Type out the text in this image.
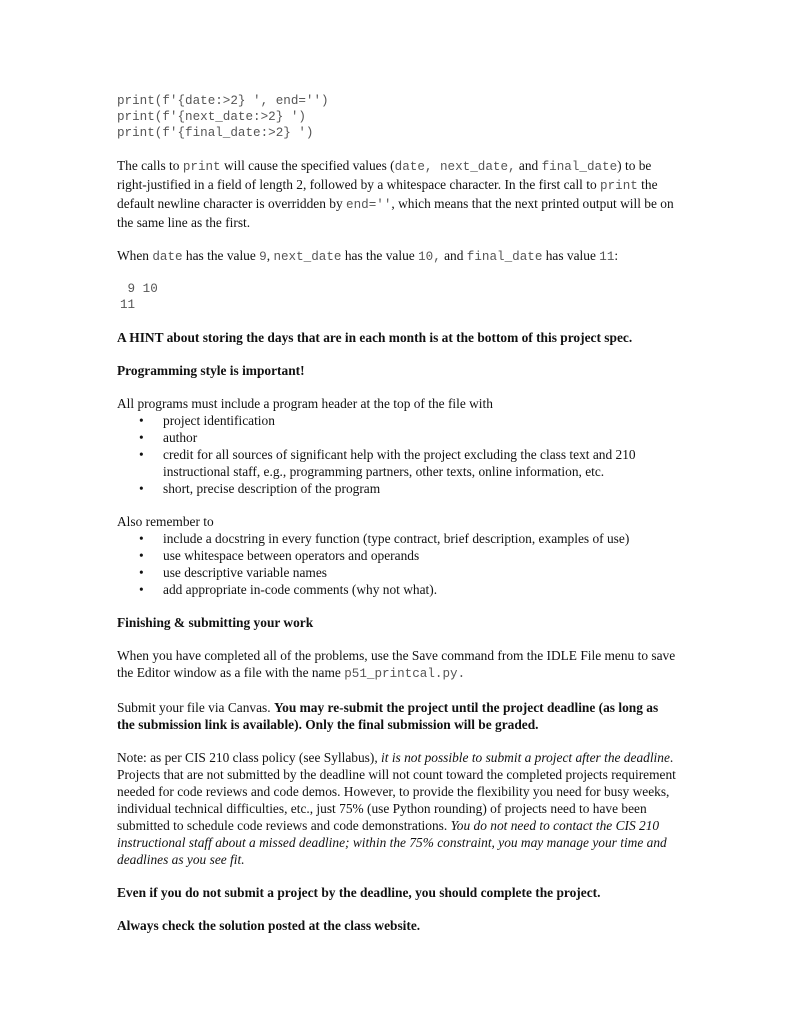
print(f'{date:>2} ', end='')
print(f'{next_date:>2} ')
print(f'{final_date:>2} ')

The calls to print will cause the specified values (date, next_date, and final_date) to be right-justified in a field of length 2, followed by a whitespace character. In the first call to print the default newline character is overridden by end='', which means that the next printed output will be on the same line as the first.

When date has the value 9, next_date has the value 10, and final_date has value 11:

9 10
11

A HINT about storing the days that are in each month is at the bottom of this project spec.

Programming style is important!

All programs must include a program header at the top of the file with

• project identification
• author
• credit for all sources of significant help with the project excluding the class text and 210 instructional staff, e.g., programming partners, other texts, online information, etc.
• short, precise description of the program

Also remember to

• include a docstring in every function (type contract, brief description, examples of use)
• use whitespace between operators and operands
• use descriptive variable names
• add appropriate in-code comments (why not what).

Finishing & submitting your work

When you have completed all of the problems, use the Save command from the IDLE File menu to save the Editor window as a file with the name p51_printcal.py.

Submit your file via Canvas. You may re-submit the project until the project deadline (as long as the submission link is available). Only the final submission will be graded.

Note: as per CIS 210 class policy (see Syllabus), it is not possible to submit a project after the deadline. Projects that are not submitted by the deadline will not count toward the completed projects requirement needed for code reviews and code demos. However, to provide the flexibility you need for busy weeks, individual technical difficulties, etc., just 75% (use Python rounding) of projects need to have been submitted to schedule code reviews and code demonstrations. You do not need to contact the CIS 210 instructional staff about a missed deadline; within the 75% constraint, you may manage your time and deadlines as you see fit.

Even if you do not submit a project by the deadline, you should complete the project.

Always check the solution posted at the class website.
